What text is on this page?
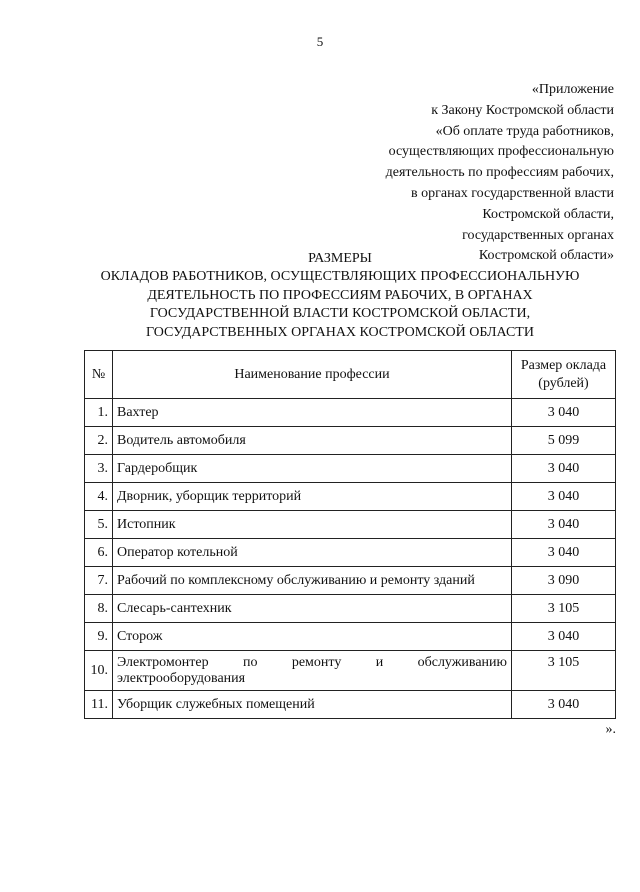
5
«Приложение
к Закону Костромской области
«Об оплате труда работников,
осуществляющих профессиональную
деятельность по профессиям рабочих,
в органах государственной власти
Костромской области,
государственных органах
Костромской области»
РАЗМЕРЫ
ОКЛАДОВ РАБОТНИКОВ, ОСУЩЕСТВЛЯЮЩИХ ПРОФЕССИОНАЛЬНУЮ
ДЕЯТЕЛЬНОСТЬ ПО ПРОФЕССИЯМ РАБОЧИХ, В ОРГАНАХ
ГОСУДАРСТВЕННОЙ ВЛАСТИ КОСТРОМСКОЙ ОБЛАСТИ,
ГОСУДАРСТВЕННЫХ ОРГАНАХ КОСТРОМСКОЙ ОБЛАСТИ
№	Наименование профессии	Размер оклада
(рублей)
1.	Вахтер	3 040
2.	Водитель автомобиля	5 099
3.	Гардеробщик	3 040
4.	Дворник, уборщик территорий	3 040
5.	Истопник	3 040
6.	Оператор котельной	3 040
7.	Рабочий по комплексному обслуживанию и ремонту зданий	3 090
8.	Слесарь-сантехник	3 105
9.	Сторож	3 040
10.	Электромонтер по ремонту и обслуживанию
электрооборудования	3 105
11.	Уборщик служебных помещений	3 040
».
